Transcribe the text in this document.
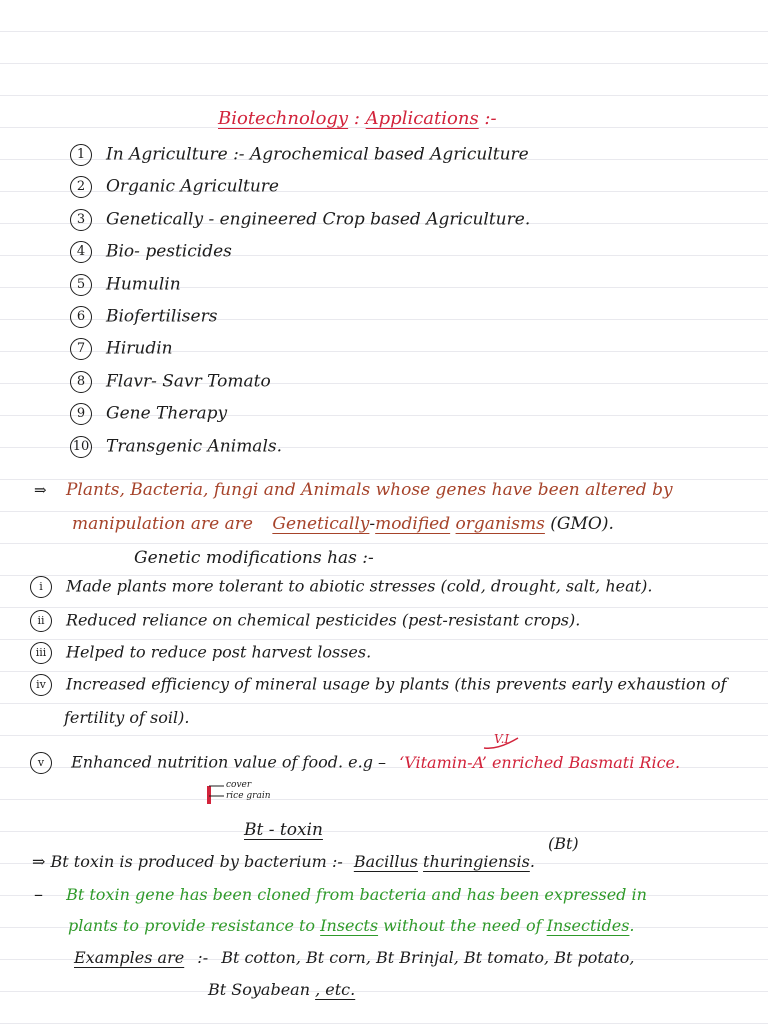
Biotechnology : Applications :-
1 In Agriculture :- Agrochemical based Agriculture
2 Organic Agriculture
3 Genetically - engineered Crop based Agriculture.
4 Bio- pesticides
5 Humulin
6 Biofertilisers
7 Hirudin
8 Flavr- Savr Tomato
9 Gene Therapy
10 Transgenic Animals.
⇒ Plants, Bacteria, fungi and Animals whose genes have been altered by
manipulation are are Genetically-modified organisms (GMO).
Genetic modifications has :-
i Made plants more tolerant to abiotic stresses (cold, drought, salt, heat).
ii Reduced reliance on chemical pesticides (pest-resistant crops).
iii Helped to reduce post harvest losses.
iv Increased efficiency of mineral usage by plants (this prevents early exhaustion of
fertility of soil).
V.I
v Enhanced nutrition value of food. e.g – ‘Vitamin-A’ enriched Basmati Rice.
cover
rice grain
Bt - toxin
(Bt)
⇒ Bt toxin is produced by bacterium :- Bacillus thuringiensis.
– Bt toxin gene has been cloned from bacteria and has been expressed in
plants to provide resistance to Insects without the need of Insectides.
Examples are :- Bt cotton, Bt corn, Bt Brinjal, Bt tomato, Bt potato,
Bt Soyabean , etc.
